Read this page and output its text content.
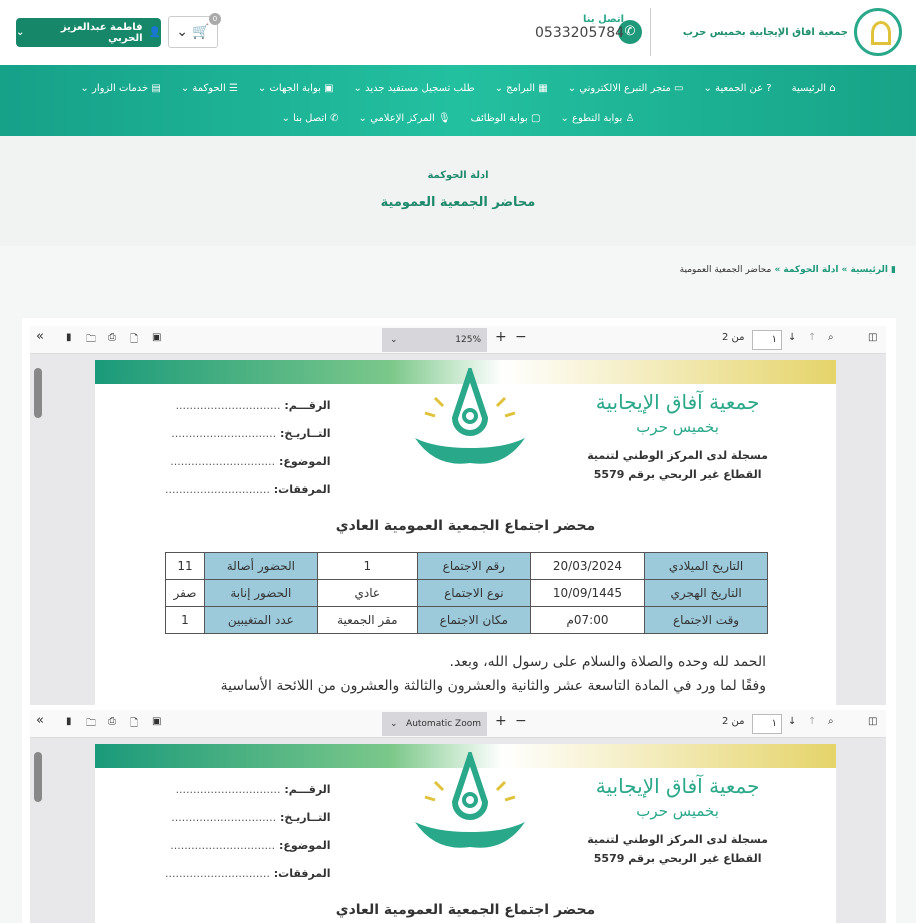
جمعية افاق الإيجابية بخميس حرب
✆
اتصل بنا
0533205784
⌄ 🛒
0
👤
فاطمة عبدالعزيز الحربي
⌄
⌂ الرئيسية
? عن الجمعية ⌄
▭ متجر التبرع الالكتروني ⌄
▦ البرامج ⌄
طلب تسجيل مستفيد جديد ⌄
▣ بوابة الجهات ⌄
☰ الحوكمة ⌄
▤ خدمات الزوار ⌄
♙ بوابة التطوع ⌄
▢ بوابة الوظائف
🎙 المركز الإعلامي ⌄
✆ اتصل بنا ⌄
ادلة الحوكمة
محاضر الجمعية العمومية
▮ الرئيسية » ادلة الحوكمة » محاضر الجمعية العمومية
« ▮ 🗀 ⎙ 🗋 ▣	⌄	125% + −	من 2	١	↓ ↑ ⌕	◫
جمعية آفاق الإيجابية
بخميس حرب
مسجلة لدى المركز الوطني لتنمية
القطاع غير الربحي برقم 5579
الرقـــم: ..............................
التــاريـخ: ..............................
الموضوع: ..............................
المرفقات: ..............................
محضر اجتماع الجمعية العمومية العادي
التاريخ الميلادي	20/03/2024	رقم الاجتماع	1	الحضور أصالة	11
التاريخ الهجري	10/09/1445	نوع الاجتماع	عادي	الحضور إنابة	صفر
وقت الاجتماع	07:00م	مكان الاجتماع	مقر الجمعية	عدد المتغيبين	1
الحمد لله وحده والصلاة والسلام على رسول الله، وبعد.
وفقًا لما ورد في المادة التاسعة عشر والثانية والعشرون والثالثة والعشرون من اللائحة الأساسية
« ▮ 🗀 ⎙ 🗋 ▣	⌄ Automatic Zoom + −	من 2	١	↓ ↑ ⌕	◫
جمعية آفاق الإيجابية
بخميس حرب
مسجلة لدى المركز الوطني لتنمية
القطاع غير الربحي برقم 5579
الرقـــم: ..............................
التــاريـخ: ..............................
الموضوع: ..............................
المرفقات: ..............................
محضر اجتماع الجمعية العمومية العادي
